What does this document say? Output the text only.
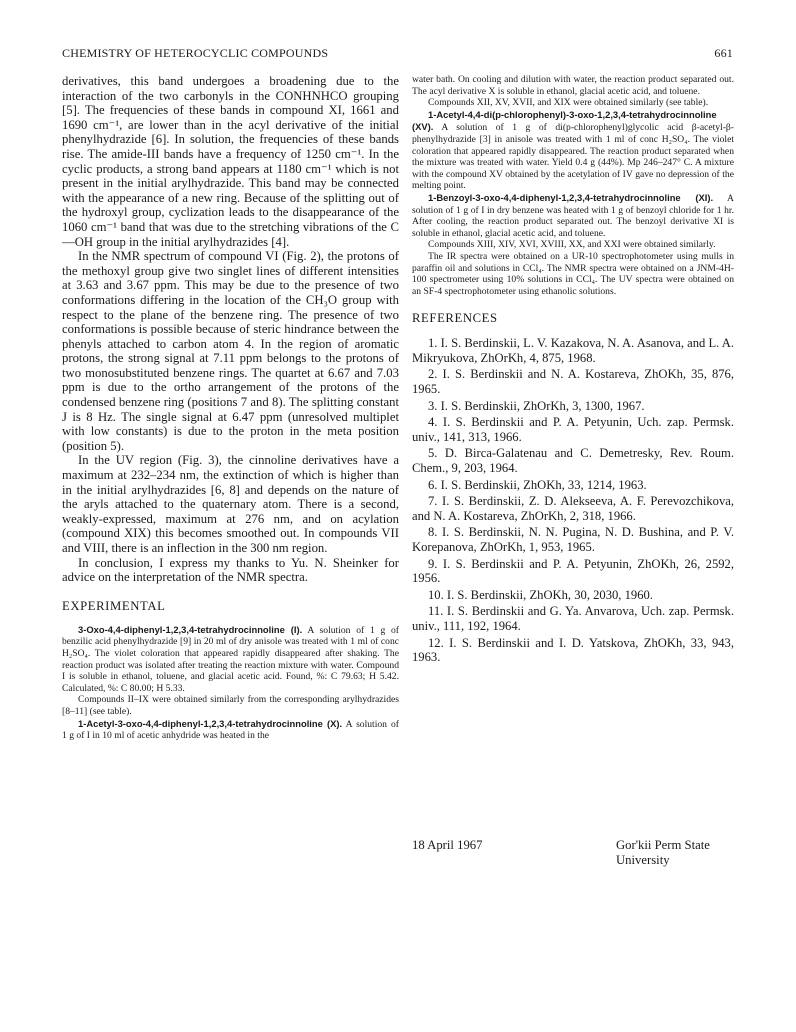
CHEMISTRY OF HETEROCYCLIC COMPOUNDS	661

derivatives, this band undergoes a broadening due to the interaction of the two carbonyls in the CONHNHCO grouping [5]. The frequencies of these bands in compound XI, 1661 and 1690 cm⁻¹, are lower than in the acyl derivative of the initial phenylhydrazide [6]. In solution, the frequencies of these bands rise. The amide-III bands have a frequency of 1250 cm⁻¹. In the cyclic products, a strong band appears at 1180 cm⁻¹ which is not present in the initial arylhydrazide. This band may be connected with the appearance of a new ring. Because of the splitting out of the hydroxyl group, cyclization leads to the disappearance of the 1060 cm⁻¹ band that was due to the stretching vibrations of the C—OH group in the initial arylhydrazides [4].

In the NMR spectrum of compound VI (Fig. 2), the protons of the methoxyl group give two singlet lines of different intensities at 3.63 and 3.67 ppm. This may be due to the presence of two conformations differing in the location of the CH₃O group with respect to the plane of the benzene ring. The presence of two conformations is possible because of steric hindrance between the phenyls attached to carbon atom 4. In the region of aromatic protons, the strong signal at 7.11 ppm belongs to the protons of two monosubstituted benzene rings. The quartet at 6.67 and 7.03 ppm is due to the ortho arrangement of the protons of the condensed benzene ring (positions 7 and 8). The splitting constant J is 8 Hz. The single signal at 6.47 ppm (unresolved multiplet with low constants) is due to the proton in the meta position (position 5).

In the UV region (Fig. 3), the cinnoline derivatives have a maximum at 232–234 nm, the extinction of which is higher than in the initial arylhydrazides [6, 8] and depends on the nature of the aryls attached to the quaternary atom. There is a second, weakly-expressed, maximum at 276 nm, and on acylation (compound XIX) this becomes smoothed out. In compounds VII and VIII, there is an inflection in the 300 nm region.

In conclusion, I express my thanks to Yu. N. Sheinker for advice on the interpretation of the NMR spectra.

EXPERIMENTAL

3-Oxo-4,4-diphenyl-1,2,3,4-tetrahydrocinnoline (I). A solution of 1 g of benzilic acid phenylhydrazide [9] in 20 ml of dry anisole was treated with 1 ml of conc H₂SO₄. The violet coloration that appeared rapidly disappeared after shaking. The reaction product was isolated after treating the reaction mixture with water. Compound I is soluble in ethanol, toluene, and glacial acetic acid. Found, %: C 79.63; H 5.42. Calculated, %: C 80.00; H 5.33.

Compounds II–IX were obtained similarly from the corresponding arylhydrazides [8–11] (see table).

1-Acetyl-3-oxo-4,4-diphenyl-1,2,3,4-tetrahydrocinnoline (X). A solution of 1 g of I in 10 ml of acetic anhydride was heated in the

water bath. On cooling and dilution with water, the reaction product separated out. The acyl derivative X is soluble in ethanol, glacial acetic acid, and toluene.

Compounds XII, XV, XVII, and XIX were obtained similarly (see table).

1-Acetyl-4,4-di(p-chlorophenyl)-3-oxo-1,2,3,4-tetrahydrocinnoline (XV). A solution of 1 g of di(p-chlorophenyl)glycolic acid β-acetyl-β-phenylhydrazide [3] in anisole was treated with 1 ml of conc H₂SO₄. The violet coloration that appeared rapidly disappeared. The reaction product separated when the mixture was treated with water. Yield 0.4 g (44%). Mp 246–247° C. A mixture with the compound XV obtained by the acetylation of IV gave no depression of the melting point.

1-Benzoyl-3-oxo-4,4-diphenyl-1,2,3,4-tetrahydrocinnoline (XI). A solution of 1 g of I in dry benzene was heated with 1 g of benzoyl chloride for 1 hr. After cooling, the reaction product separated out. The benzoyl derivative XI is soluble in ethanol, glacial acetic acid, and toluene.

Compounds XIII, XIV, XVI, XVIII, XX, and XXI were obtained similarly.

The IR spectra were obtained on a UR-10 spectrophotometer using mulls in paraffin oil and solutions in CCl₄. The NMR spectra were obtained on a JNM-4H-100 spectrometer using 10% solutions in CCl₄. The UV spectra were obtained on an SF-4 spectrophotometer using ethanolic solutions.

REFERENCES

1. I. S. Berdinskii, L. V. Kazakova, N. A. Asanova, and L. A. Mikryukova, ZhOrKh, 4, 875, 1968.

2. I. S. Berdinskii and N. A. Kostareva, ZhOKh, 35, 876, 1965.

3. I. S. Berdinskii, ZhOrKh, 3, 1300, 1967.

4. I. S. Berdinskii and P. A. Petyunin, Uch. zap. Permsk. univ., 141, 313, 1966.

5. D. Birca-Galatenau and C. Demetresky, Rev. Roum. Chem., 9, 203, 1964.

6. I. S. Berdinskii, ZhOKh, 33, 1214, 1963.

7. I. S. Berdinskii, Z. D. Alekseeva, A. F. Perevozchikova, and N. A. Kostareva, ZhOrKh, 2, 318, 1966.

8. I. S. Berdinskii, N. N. Pugina, N. D. Bushina, and P. V. Korepanova, ZhOrKh, 1, 953, 1965.

9. I. S. Berdinskii and P. A. Petyunin, ZhOKh, 26, 2592, 1956.

10. I. S. Berdinskii, ZhOKh, 30, 2030, 1960.

11. I. S. Berdinskii and G. Ya. Anvarova, Uch. zap. Permsk. univ., 111, 192, 1964.

12. I. S. Berdinskii and I. D. Yatskova, ZhOKh, 33, 943, 1963.

18 April 1967	Gor'kii Perm State
University
